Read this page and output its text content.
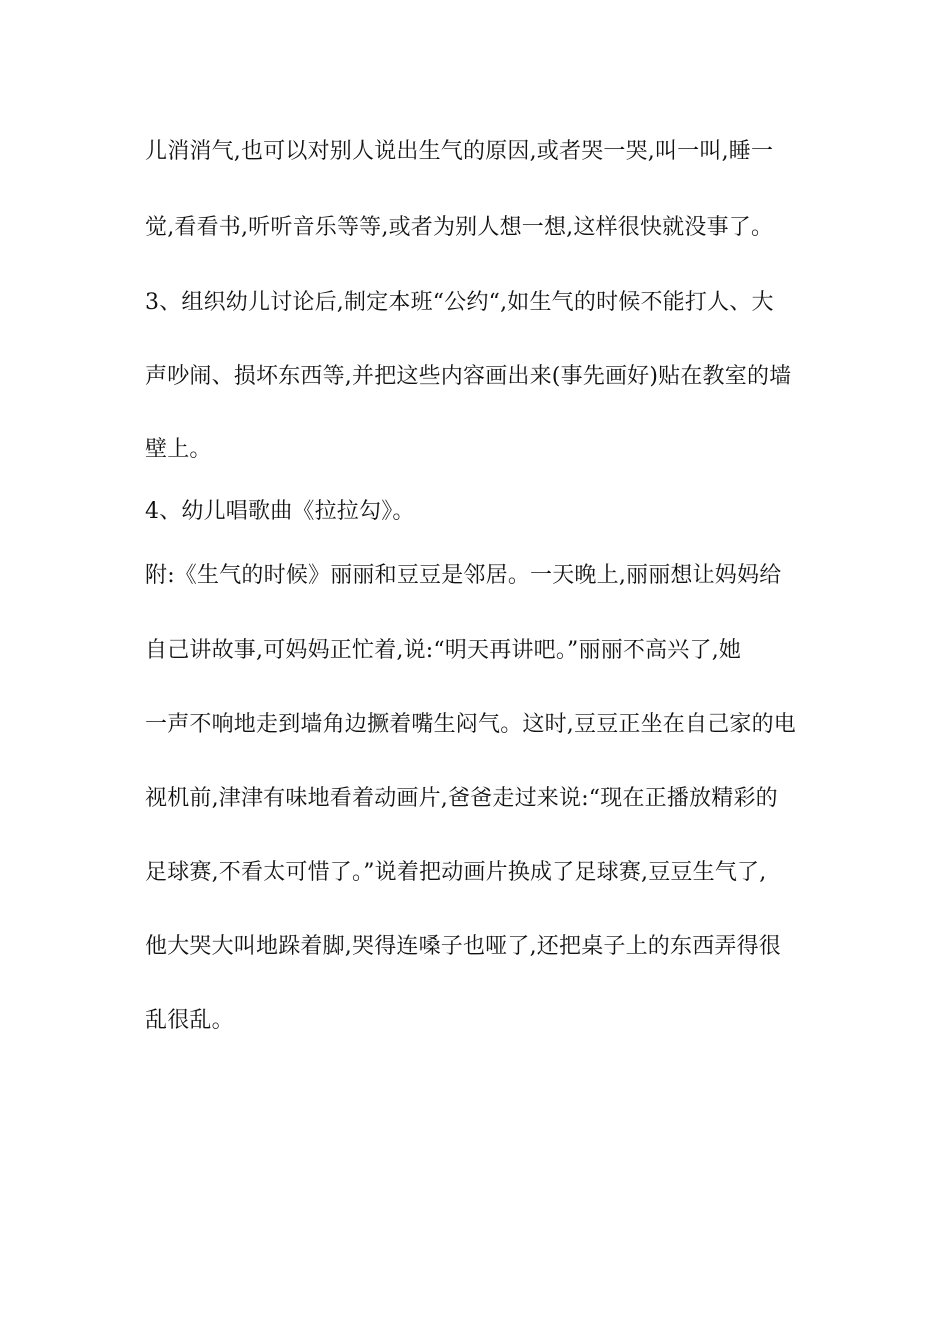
儿消消气,也可以对别人说出生气的原因,或者哭一哭,叫一叫,睡一
觉,看看书,听听音乐等等,或者为别人想一想,这样很快就没事了。
3、组织幼儿讨论后,制定本班“公约“,如生气的时候不能打人、大
声吵闹、损坏东西等,并把这些内容画出来(事先画好)贴在教室的墙
壁上。
4、幼儿唱歌曲《拉拉勾》。
附:《生气的时候》丽丽和豆豆是邻居。一天晚上,丽丽想让妈妈给
自己讲故事,可妈妈正忙着,说:“明天再讲吧。”丽丽不高兴了,她
一声不响地走到墙角边撅着嘴生闷气。这时,豆豆正坐在自己家的电
视机前,津津有味地看着动画片,爸爸走过来说:“现在正播放精彩的
足球赛,不看太可惜了。”说着把动画片换成了足球赛,豆豆生气了,
他大哭大叫地跺着脚,哭得连嗓子也哑了,还把桌子上的东西弄得很
乱很乱。
